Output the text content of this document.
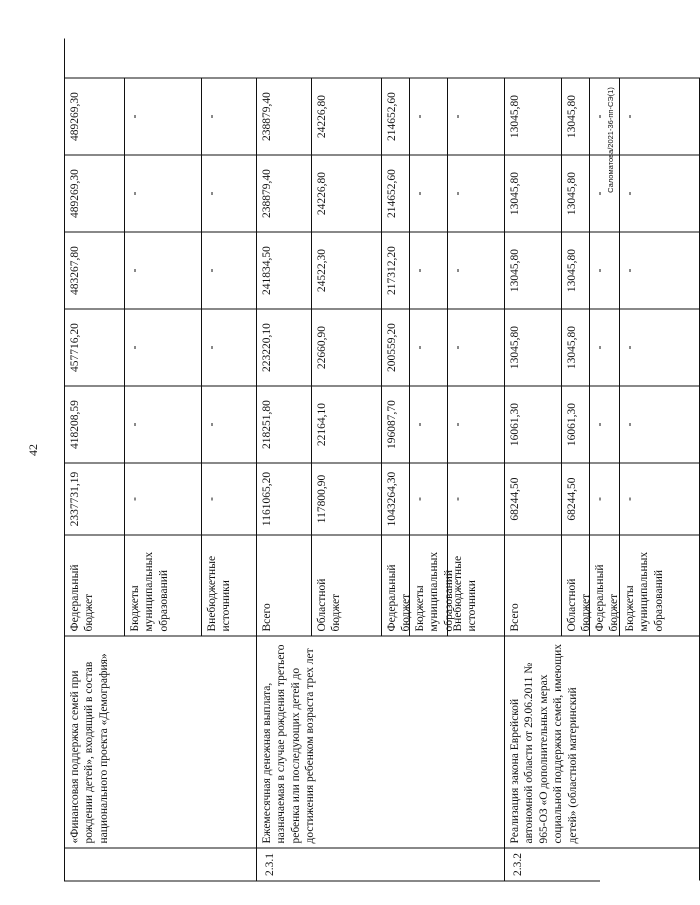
42
Саломатова/2021-36-пп-СЭ(1)
«Финансовая поддержка семей при рождении детей», входящий в состав национального проекта «Демография»
Федеральный бюджет
2337731,19
418208,59
457716,20
483267,80
489269,30
489269,30
Бюджеты муниципальных образований
-
-
-
-
-
-
Внебюджетные источники
-
-
-
-
-
-
2.3.1
Ежемесячная денежная выплата, назначаемая в случае рождения третьего ребенка или последующих детей до достижения ребенком возраста трех лет
Всего
1161065,20
218251,80
223220,10
241834,50
238879,40
238879,40
Областной бюджет
117800,90
22164,10
22660,90
24522,30
24226,80
24226,80
Федеральный бюджет
1043264,30
196087,70
200559,20
217312,20
214652,60
214652,60
Бюджеты муниципальных образований
-
-
-
-
-
-
Внебюджетные источники
-
-
-
-
-
-
2.3.2
Реализация закона Еврейской автономной области от 29.06.2011 № 965-ОЗ «О дополнительных мерах социальной поддержки семей, имеющих детей» (областной материнский
Всего
68244,50
16061,30
13045,80
13045,80
13045,80
13045,80
Областной бюджет
68244,50
16061,30
13045,80
13045,80
13045,80
13045,80
Федеральный бюджет
-
-
-
-
-
-
Бюджеты муниципальных образований
-
-
-
-
-
-
